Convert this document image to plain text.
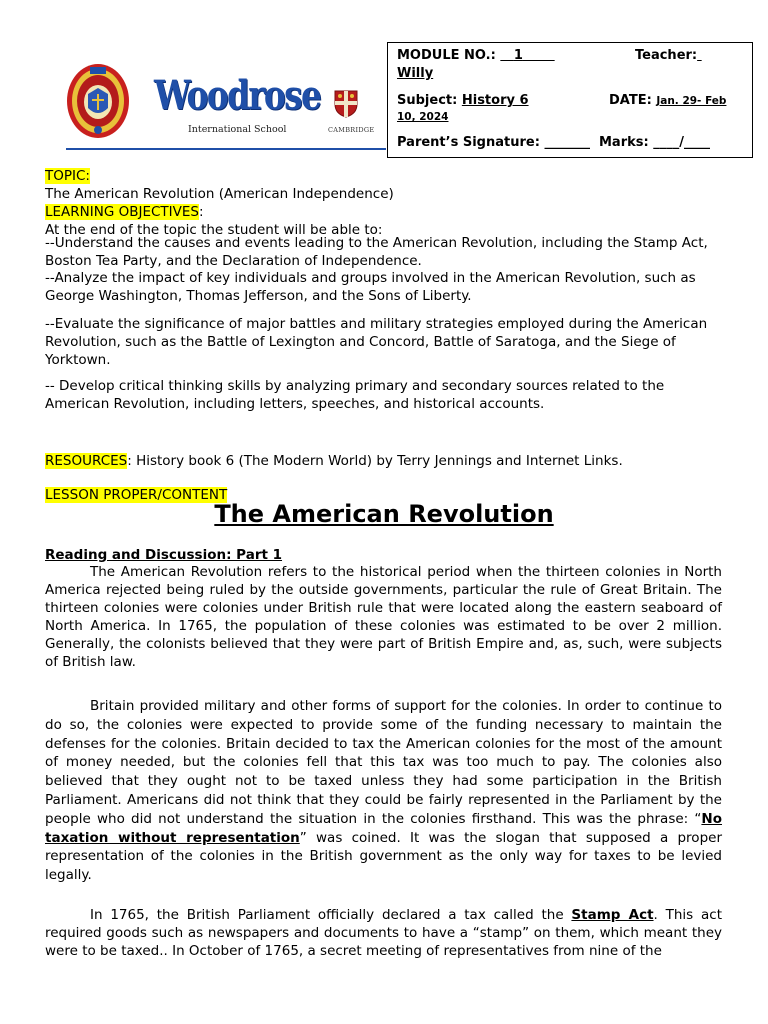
Woodrose
International School	CAMBRIDGE
MODULE NO.: 1	Teacher:
Willy
Subject: History 6	DATE: Jan. 29- Feb
10, 2024
Parent’s Signature: _______ Marks: ____/____
TOPIC:
The American Revolution (American Independence)
LEARNING OBJECTIVES:
At the end of the topic the student will be able to:
--Understand the causes and events leading to the American Revolution, including the Stamp Act, Boston Tea Party, and the Declaration of Independence.
--Analyze the impact of key individuals and groups involved in the American Revolution, such as George Washington, Thomas Jefferson, and the Sons of Liberty.
--Evaluate the significance of major battles and military strategies employed during the American Revolution, such as the Battle of Lexington and Concord, Battle of Saratoga, and the Siege of Yorktown.
-- Develop critical thinking skills by analyzing primary and secondary sources related to the American Revolution, including letters, speeches, and historical accounts.
RESOURCES: History book 6 (The Modern World) by Terry Jennings and Internet Links.
LESSON PROPER/CONTENT
The American Revolution
Reading and Discussion: Part 1
The American Revolution refers to the historical period when the thirteen colonies in North America rejected being ruled by the outside governments, particular the rule of Great Britain. The thirteen colonies were colonies under British rule that were located along the eastern seaboard of North America. In 1765, the population of these colonies was estimated to be over 2 million. Generally, the colonists believed that they were part of British Empire and, as, such, were subjects of British law.
Britain provided military and other forms of support for the colonies. In order to continue to do so, the colonies were expected to provide some of the funding necessary to maintain the defenses for the colonies. Britain decided to tax the American colonies for the most of the amount of money needed, but the colonies fell that this tax was too much to pay. The colonies also believed that they ought not to be taxed unless they had some participation in the British Parliament. Americans did not think that they could be fairly represented in the Parliament by the people who did not understand the situation in the colonies firsthand. This was the phrase: “No taxation without representation” was coined. It was the slogan that supposed a proper representation of the colonies in the British government as the only way for taxes to be levied legally.
In 1765, the British Parliament officially declared a tax called the Stamp Act. This act required goods such as newspapers and documents to have a “stamp” on them, which meant they were to be taxed.. In October of 1765, a secret meeting of representatives from nine of the
